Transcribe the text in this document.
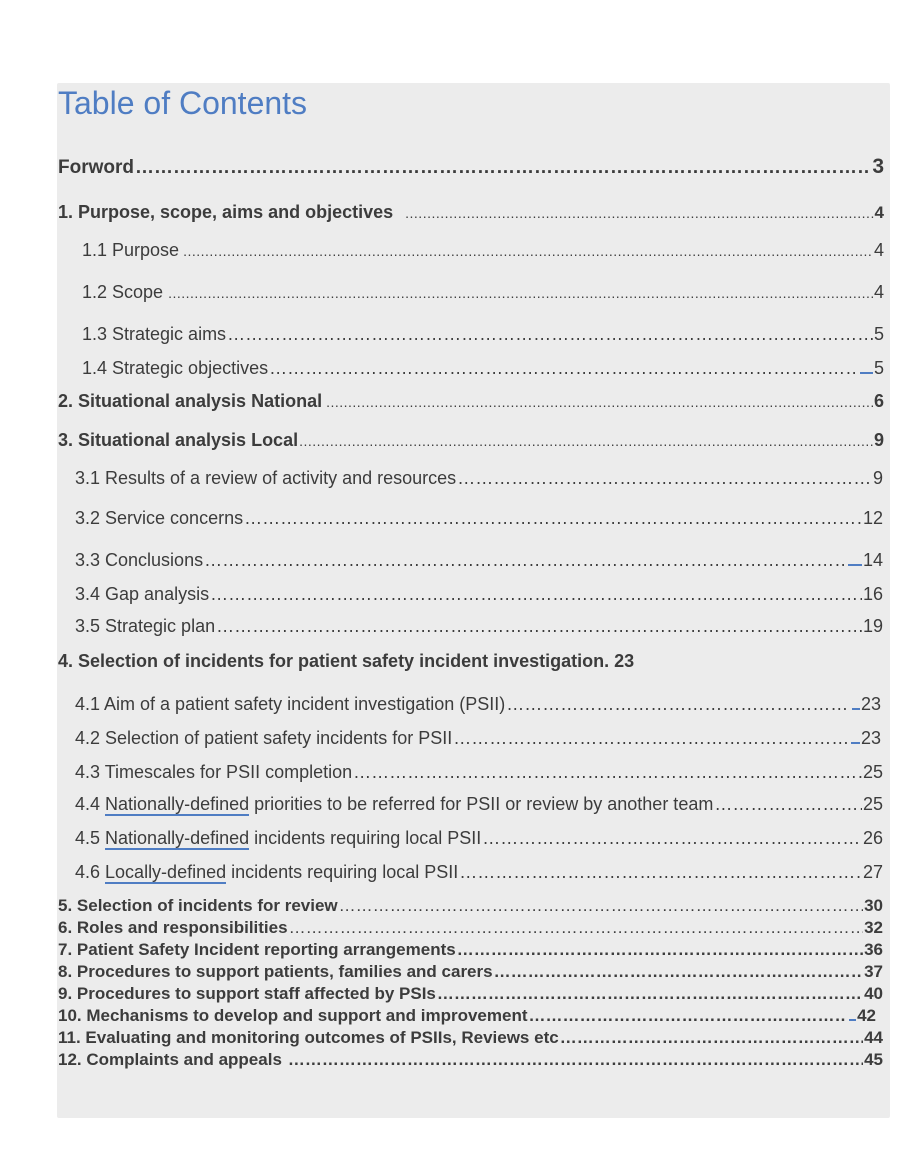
Table of Contents
Forword …………………………………………………………………………………………………………………………………………………………………………………………………………	3
1. Purpose, scope, aims and objectives .....	4
1.1 Purpose .....	4
1.2 Scope .....	4
1.3 Strategic aims …………………………………………………………………………………………………………………………………………………………………………………………………………	5
1.4 Strategic objectives …………………………………………………………………………………………………………………………………………………………………………………………………………	5
2. Situational analysis National .....	6
3. Situational analysis Local .....	9
3.1 Results of a review of activity and resources …………………………………………………………………………………………………………………………………………………………………………………………………………	9
3.2 Service concerns …………………………………………………………………………………………………………………………………………………………………………………………………………	12
3.3 Conclusions …………………………………………………………………………………………………………………………………………………………………………………………………………	14
3.4 Gap analysis …………………………………………………………………………………………………………………………………………………………………………………………………………	16
3.5 Strategic plan …………………………………………………………………………………………………………………………………………………………………………………………………………	19
4. Selection of incidents for patient safety incident investigation . 23
4.1 Aim of a patient safety incident investigation (PSII) …………………………………………………………………………………………………………………………………………………………………………………………………………	23
4.2 Selection of patient safety incidents for PSII …………………………………………………………………………………………………………………………………………………………………………………………………………	23
4.3 Timescales for PSII completion …………………………………………………………………………………………………………………………………………………………………………………………………………	25
4.4 Nationally-defined priorities to be referred for PSII or review by another team …………………………………………………………………………………………………………………………………………………………………………………………………………	25
4.5 Nationally-defined incidents requiring local PSII …………………………………………………………………………………………………………………………………………………………………………………………………………	26
4.6 Locally-defined incidents requiring local PSII …………………………………………………………………………………………………………………………………………………………………………………………………………	27
5. Selection of incidents for review …………………………………………………………………………………………………………………………………………………………………………………………………………	30
6. Roles and responsibilities …………………………………………………………………………………………………………………………………………………………………………………………………………	32
7. Patient Safety Incident reporting arrangements …………………………………………………………………………………………………………………………………………………………………………………………………………	36
8. Procedures to support patients, families and carers …………………………………………………………………………………………………………………………………………………………………………………………………………	37
9. Procedures to support staff affected by PSIs …………………………………………………………………………………………………………………………………………………………………………………………………………	40
10. Mechanisms to develop and support and improvement …………………………………………………………………………………………………………………………………………………………………………………………………………	42
11. Evaluating and monitoring outcomes of PSIIs, Reviews etc …………………………………………………………………………………………………………………………………………………………………………………………………………	44
12. Complaints and appeals …………………………………………………………………………………………………………………………………………………………………………………………………………	45
